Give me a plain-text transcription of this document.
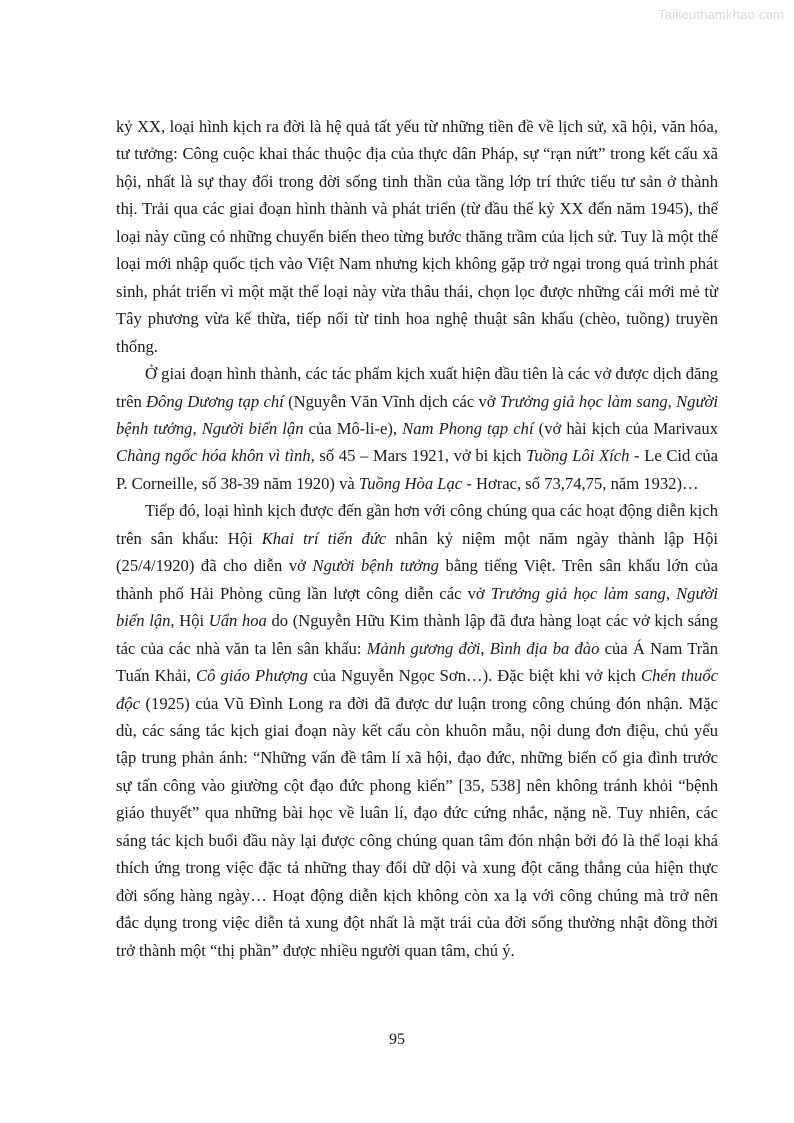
Tailieuthamkhao.com

kỷ XX, loại hình kịch ra đời là hệ quả tất yếu từ những tiền đề về lịch sử, xã hội, văn hóa, tư tưởng: Công cuộc khai thác thuộc địa của thực dân Pháp, sự “rạn nứt” trong kết cấu xã hội, nhất là sự thay đổi trong đời sống tinh thần của tầng lớp trí thức tiểu tư sản ở thành thị. Trải qua các giai đoạn hình thành và phát triển (từ đầu thế kỷ XX đến năm 1945), thể loại này cũng có những chuyển biến theo từng bước thăng trầm của lịch sử. Tuy là một thể loại mới nhập quốc tịch vào Việt Nam nhưng kịch không gặp trở ngại trong quá trình phát sinh, phát triển vì một mặt thể loại này vừa thâu thái, chọn lọc được những cái mới mẻ từ Tây phương vừa kế thừa, tiếp nối từ tinh hoa nghệ thuật sân khấu (chèo, tuồng) truyền thống.

Ở giai đoạn hình thành, các tác phẩm kịch xuất hiện đầu tiên là các vở được dịch đăng trên Đông Dương tạp chí (Nguyễn Văn Vĩnh dịch các vở Trưởng giả học làm sang, Người bệnh tưởng, Người biển lận của Mô-li-e), Nam Phong tạp chí (vở hài kịch của Marivaux Chàng ngốc hóa khôn vì tình, số 45 – Mars 1921, vở bi kịch Tuồng Lôi Xích - Le Cid của P. Corneille, số 38-39 năm 1920) và Tuồng Hòa Lạc - Hơrac, số 73,74,75, năm 1932)…

Tiếp đó, loại hình kịch được đến gần hơn với công chúng qua các hoạt động diễn kịch trên sân khấu: Hội Khai trí tiến đức nhân kỷ niệm một năm ngày thành lập Hội (25/4/1920) đã cho diễn vở Người bệnh tưởng bằng tiếng Việt. Trên sân khấu lớn của thành phố Hải Phòng cũng lần lượt công diễn các vở Trưởng giả học làm sang, Người biển lận, Hội Uẩn hoa do (Nguyễn Hữu Kim thành lập đã đưa hàng loạt các vở kịch sáng tác của các nhà văn ta lên sân khấu: Mảnh gương đời, Bình địa ba đào của Á Nam Trần Tuấn Khải, Cô giáo Phượng của Nguyễn Ngọc Sơn…). Đặc biệt khi vở kịch Chén thuốc độc (1925) của Vũ Đình Long ra đời đã được dư luận trong công chúng đón nhận. Mặc dù, các sáng tác kịch giai đoạn này kết cấu còn khuôn mẫu, nội dung đơn điệu, chủ yếu tập trung phản ánh: “Những vấn đề tâm lí xã hội, đạo đức, những biến cố gia đình trước sự tấn công vào giường cột đạo đức phong kiến” [35, 538] nên không tránh khỏi “bệnh giáo thuyết” qua những bài học về luân lí, đạo đức cứng nhắc, nặng nề. Tuy nhiên, các sáng tác kịch buổi đầu này lại được công chúng quan tâm đón nhận bởi đó là thể loại khá thích ứng trong việc đặc tả những thay đổi dữ dội và xung đột căng thẳng của hiện thực đời sống hàng ngày… Hoạt động diễn kịch không còn xa lạ với công chúng mà trở nên đắc dụng trong việc diễn tả xung đột nhất là mặt trái của đời sống thường nhật đồng thời trở thành một “thị phần” được nhiều người quan tâm, chú ý.

95
